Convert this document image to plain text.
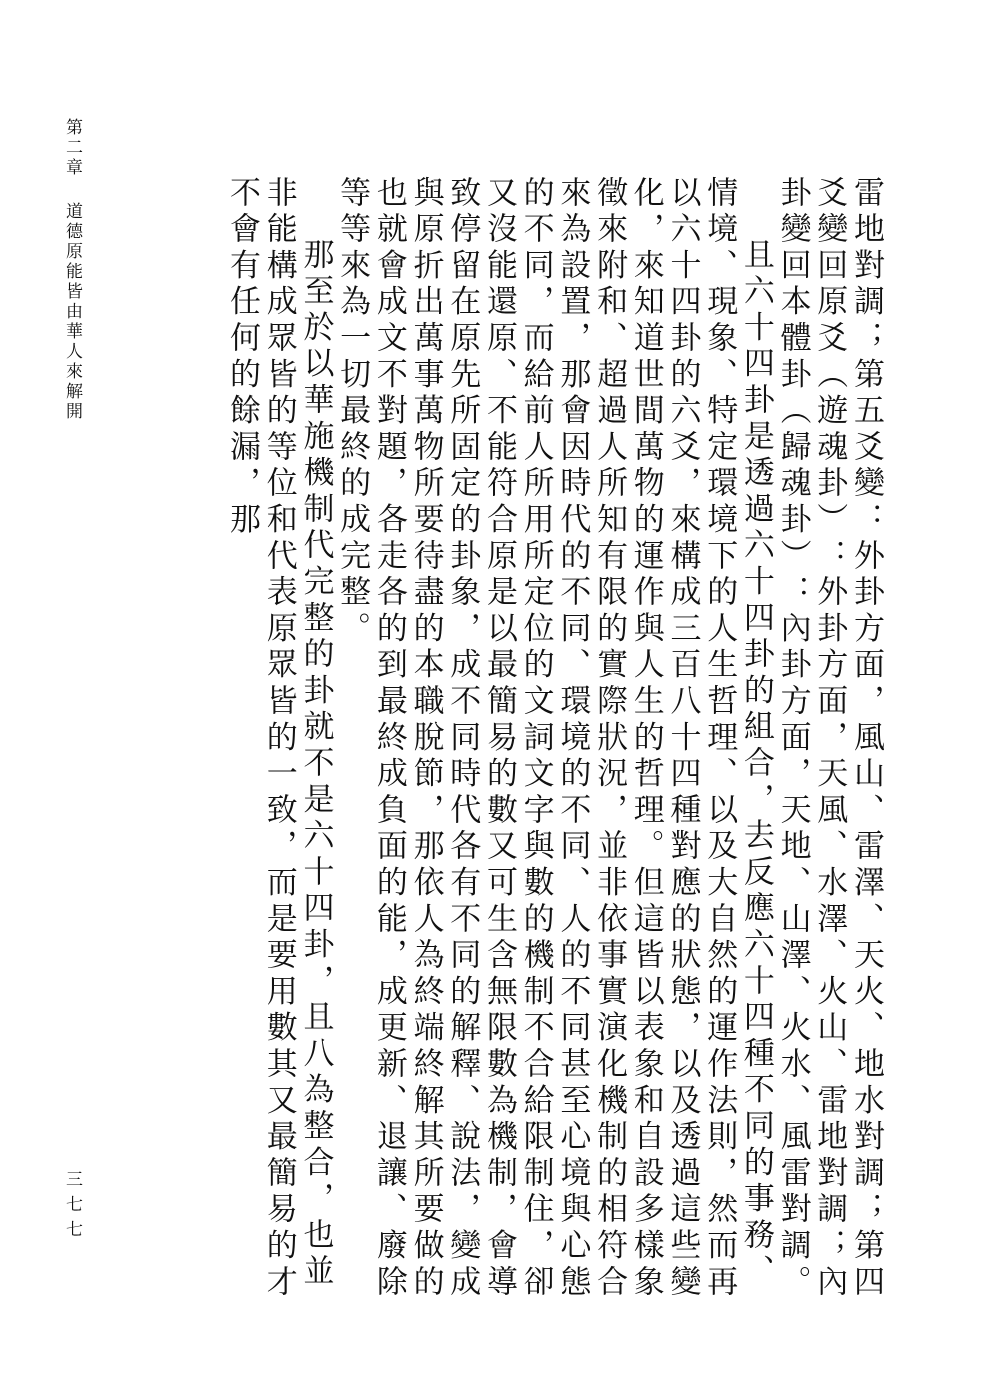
第二章道德原能皆由華人來解開	雷地對調；第五爻變：外卦方面，風山、雷澤、天火、地水對調；第四爻變回原爻（遊魂卦）：外卦方面，天風、水澤、火山、雷地對調；內卦變回本體卦（歸魂卦）：內卦方面，天地、山澤、火水、風雷對調。

且六十四卦是透過六十四卦的組合，去反應六十四種不同的事務、情境、現象、特定環境下的人生哲理、以及大自然的運作法則，然而再以六十四卦的六爻，來構成三百八十四種對應的狀態，以及透過這些變化，來知道世間萬物的運作與人生的哲理。但這皆以表象和自設多樣象徵來附和、超過人所知有限的實際狀況，並非依事實演化機制的相符合來為設置，那會因時代的不同、環境的不同、人的不同甚至心境與心態的不同，而給前人所用所定位的文詞文字與數的機制不合給限制住，卻又沒能還原、不能符合原是以最簡易的數又可生含無限數為機制，會導致停留在原先所固定的卦象，成不同時代各有不同的解釋、說法，變成與原折出萬事萬物所要待盡的本職脫節，那依人為終端終解其所要做的也就會成文不對題，各走各的到最終成負面的能，成更新、退讓、廢除等等來為一切最終的成完整。

那至於以華施機制代完整的卦就不是六十四卦，且八為整合，也並非能構成眾皆的等位和代表原眾皆的一致，而是要用數其又最簡易的才不會有任何的餘漏，那

三七七
